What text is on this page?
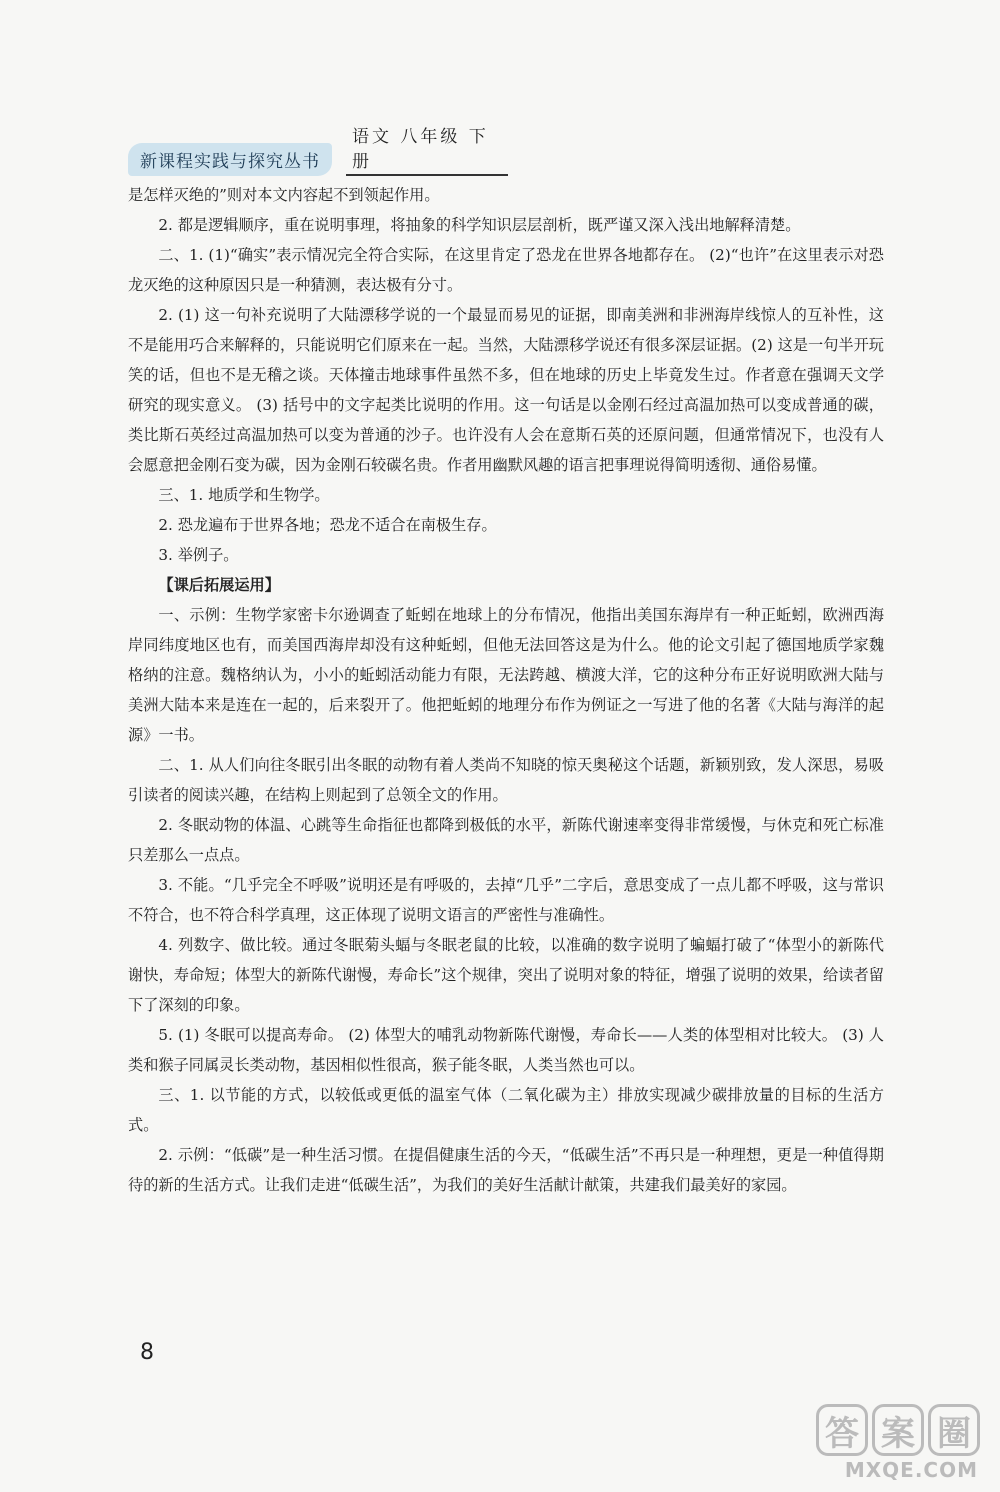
新课程实践与探究丛书
语文 八年级 下册

是怎样灭绝的”则对本文内容起不到领起作用。

2. 都是逻辑顺序，重在说明事理，将抽象的科学知识层层剖析，既严谨又深入浅出地解释清楚。

二、1. (1)“确实”表示情况完全符合实际，在这里肯定了恐龙在世界各地都存在。 (2)“也许”在这里表示对恐龙灭绝的这种原因只是一种猜测，表达极有分寸。

2. (1) 这一句补充说明了大陆漂移学说的一个最显而易见的证据，即南美洲和非洲海岸线惊人的互补性，这不是能用巧合来解释的，只能说明它们原来在一起。当然，大陆漂移学说还有很多深层证据。(2) 这是一句半开玩笑的话，但也不是无稽之谈。天体撞击地球事件虽然不多，但在地球的历史上毕竟发生过。作者意在强调天文学研究的现实意义。 (3) 括号中的文字起类比说明的作用。这一句话是以金刚石经过高温加热可以变成普通的碳，类比斯石英经过高温加热可以变为普通的沙子。也许没有人会在意斯石英的还原问题，但通常情况下，也没有人会愿意把金刚石变为碳，因为金刚石较碳名贵。作者用幽默风趣的语言把事理说得简明透彻、通俗易懂。

三、1. 地质学和生物学。

2. 恐龙遍布于世界各地；恐龙不适合在南极生存。

3. 举例子。

【课后拓展运用】

一、示例：生物学家密卡尔逊调查了蚯蚓在地球上的分布情况，他指出美国东海岸有一种正蚯蚓，欧洲西海岸同纬度地区也有，而美国西海岸却没有这种蚯蚓，但他无法回答这是为什么。他的论文引起了德国地质学家魏格纳的注意。魏格纳认为，小小的蚯蚓活动能力有限，无法跨越、横渡大洋，它的这种分布正好说明欧洲大陆与美洲大陆本来是连在一起的，后来裂开了。他把蚯蚓的地理分布作为例证之一写进了他的名著《大陆与海洋的起源》一书。

二、1. 从人们向往冬眠引出冬眠的动物有着人类尚不知晓的惊天奥秘这个话题，新颖别致，发人深思，易吸引读者的阅读兴趣，在结构上则起到了总领全文的作用。

2. 冬眠动物的体温、心跳等生命指征也都降到极低的水平，新陈代谢速率变得非常缓慢，与休克和死亡标准只差那么一点点。

3. 不能。“几乎完全不呼吸”说明还是有呼吸的，去掉“几乎”二字后，意思变成了一点儿都不呼吸，这与常识不符合，也不符合科学真理，这正体现了说明文语言的严密性与准确性。

4. 列数字、做比较。通过冬眠菊头蝠与冬眠老鼠的比较，以准确的数字说明了蝙蝠打破了“体型小的新陈代谢快，寿命短；体型大的新陈代谢慢，寿命长”这个规律，突出了说明对象的特征，增强了说明的效果，给读者留下了深刻的印象。

5. (1) 冬眠可以提高寿命。 (2) 体型大的哺乳动物新陈代谢慢，寿命长——人类的体型相对比较大。 (3) 人类和猴子同属灵长类动物，基因相似性很高，猴子能冬眠，人类当然也可以。

三、1. 以节能的方式，以较低或更低的温室气体（二氧化碳为主）排放实现减少碳排放量的目标的生活方式。

2. 示例：“低碳”是一种生活习惯。在提倡健康生活的今天，“低碳生活”不再只是一种理想，更是一种值得期待的新的生活方式。让我们走进“低碳生活”，为我们的美好生活献计献策，共建我们最美好的家园。

8
答 案 圈
MXQE.COM
